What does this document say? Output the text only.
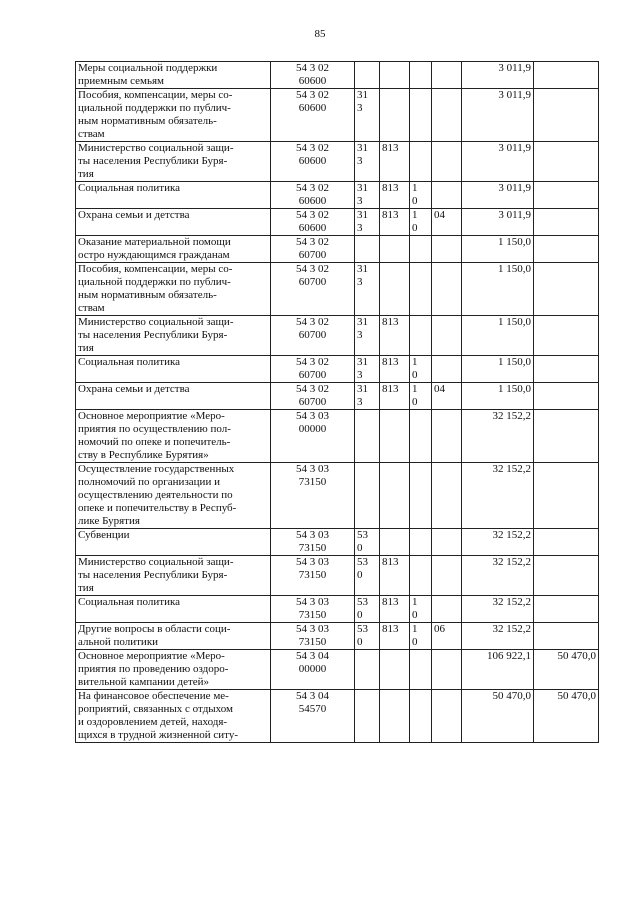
85
Меры социальной поддержки
приемным семьям	54 3 02
60600					3 011,9	
Пособия, компенсации, меры со-
циальной поддержки по публич-
ным нормативным обязатель-
ствам	54 3 02
60600	31
3				3 011,9	
Министерство социальной защи-
ты населения Республики Буря-
тия	54 3 02
60600	31
3	813			3 011,9	
Социальная политика	54 3 02
60600	31
3	813	1
0		3 011,9	
Охрана семьи и детства	54 3 02
60600	31
3	813	1
0	04	3 011,9	
Оказание материальной помощи
остро нуждающимся гражданам	54 3 02
60700					1 150,0	
Пособия, компенсации, меры со-
циальной поддержки по публич-
ным нормативным обязатель-
ствам	54 3 02
60700	31
3				1 150,0	
Министерство социальной защи-
ты населения Республики Буря-
тия	54 3 02
60700	31
3	813			1 150,0	
Социальная политика	54 3 02
60700	31
3	813	1
0		1 150,0	
Охрана семьи и детства	54 3 02
60700	31
3	813	1
0	04	1 150,0	
Основное мероприятие «Меро-
приятия по осуществлению пол-
номочий по опеке и попечитель-
ству в Республике Бурятия»	54 3 03
00000					32 152,2	
Осуществление государственных
полномочий по организации и
осуществлению деятельности по
опеке и попечительству в Респуб-
лике Бурятия	54 3 03
73150					32 152,2	
Субвенции	54 3 03
73150	53
0				32 152,2	
Министерство социальной защи-
ты населения Республики Буря-
тия	54 3 03
73150	53
0	813			32 152,2	
Социальная политика	54 3 03
73150	53
0	813	1
0		32 152,2	
Другие вопросы в области соци-
альной политики	54 3 03
73150	53
0	813	1
0	06	32 152,2	
Основное мероприятие «Меро-
приятия по проведению оздоро-
вительной кампании детей»	54 3 04
00000					106 922,1	50 470,0
На финансовое обеспечение ме-
роприятий, связанных с отдыхом
и оздоровлением детей, находя-
щихся в трудной жизненной ситу-	54 3 04
54570					50 470,0	50 470,0
